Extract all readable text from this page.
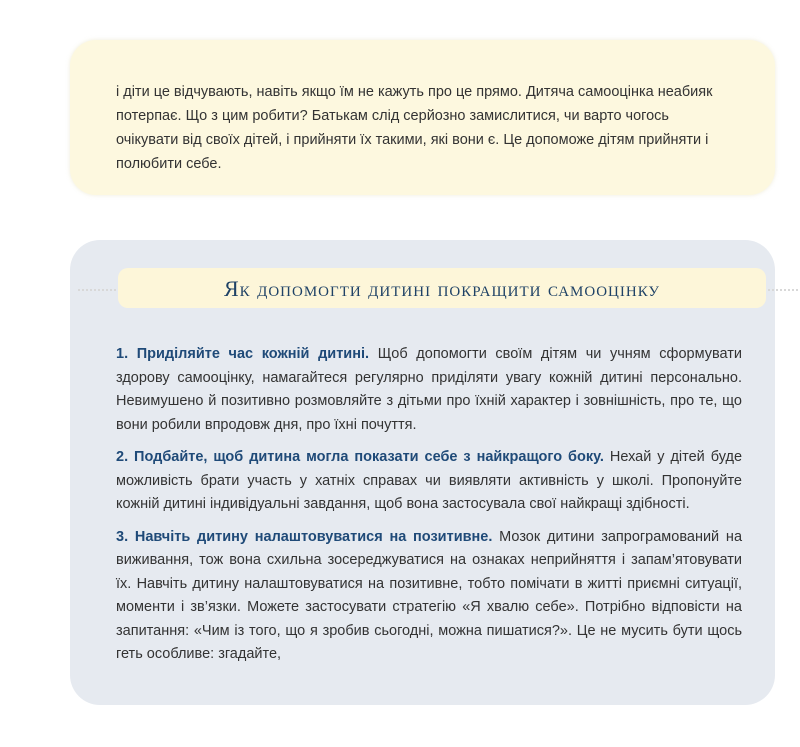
і діти це відчувають, навіть якщо їм не кажуть про це прямо. Дитяча самооцінка неабияк потерпає. Що з цим робити? Батькам слід серйозно замислитися, чи варто чогось очікувати від своїх дітей, і прийняти їх такими, які вони є. Це допоможе дітям прийняти і полюбити себе.

Як допомогти дитині покращити самооцінку

1. Приділяйте час кожній дитині. Щоб допомогти своїм дітям чи учням сформувати здорову самооцінку, намагайтеся регулярно приділяти увагу кожній дитині персонально. Невимушено й позитивно розмовляйте з дітьми про їхній характер і зовнішність, про те, що вони робили впродовж дня, про їхні почуття.

2. Подбайте, щоб дитина могла показати себе з найкращого боку. Нехай у дітей буде можливість брати участь у хатніх справах чи виявляти активність у школі. Пропонуйте кожній дитині індивідуальні завдання, щоб вона застосувала свої найкращі здібності.

3. Навчіть дитину налаштовуватися на позитивне. Мозок дитини запрограмований на виживання, тож вона схильна зосереджуватися на ознаках неприйняття і запам’ятовувати їх. Навчіть дитину налаштовуватися на позитивне, тобто помічати в житті приємні ситуації, моменти і зв’язки. Можете застосувати стратегію «Я хвалю себе». Потрібно відповісти на запитання: «Чим із того, що я зробив сьогодні, можна пишатися?». Це не мусить бути щось геть особливе: згадайте,
